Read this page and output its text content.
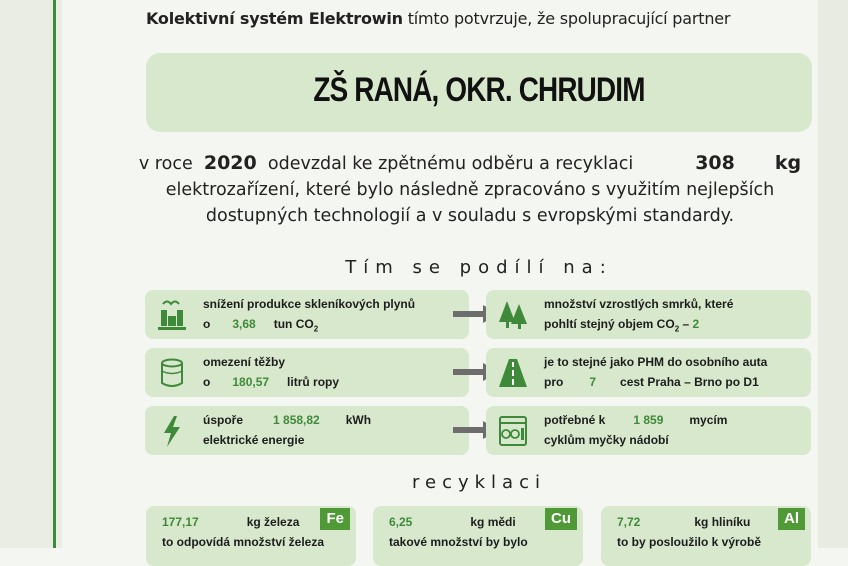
Kolektivní systém Elektrowin tímto potvrzuje, že spolupracující partner
ZŠ RANÁ, OKR. CHRUDIM
v roce 2020 odevzdal ke zpětnému odběru a recyklaci	308 kg
elektrozařízení, které bylo následně zpracováno s využitím nejlepších
dostupných technologií a v souladu s evropskými standardy.
Tím se podílí na:
snížení produkce skleníkových plynů
o 3,68 tun $CO_2$
množství vzrostlých smrků, které
pohltí stejný objem $CO_2 - 2$
omezení těžby
o 180,57 litrů ropy
je to stejné jako PHM do osobního auta
pro 7 cest Praha – Brno po D1
úspoře	1 858,82 kWh
elektrické energie
potřebné k 1 859 mycím
cyklům myčky nádobí
recyklaci
Fe
177,17	kg železa
to odpovídá množství železa
Cu
6,25	kg mědi
takové množství by bylo
Al
7,72	kg hliníku
to by posloužilo k výrobě
